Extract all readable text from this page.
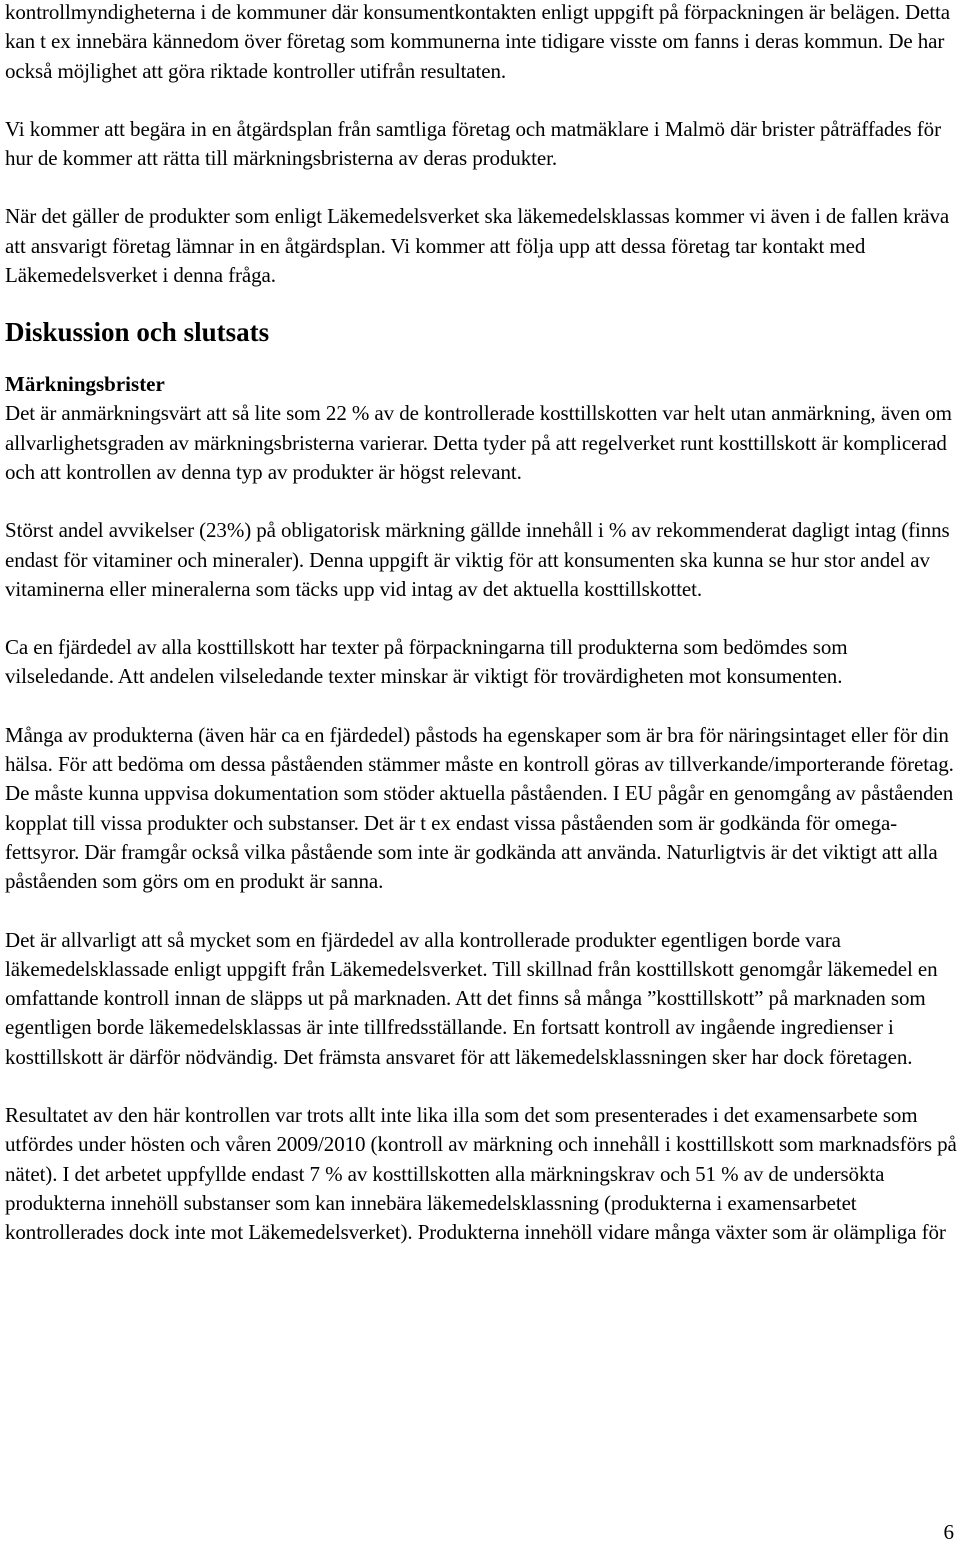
kontrollmyndigheterna i de kommuner där konsumentkontakten enligt uppgift på förpackningen är belägen. Detta kan t ex innebära kännedom över företag som kommunerna inte tidigare visste om fanns i deras kommun. De har också möjlighet att göra riktade kontroller utifrån resultaten.

Vi kommer att begära in en åtgärdsplan från samtliga företag och matmäklare i Malmö där brister påträffades för hur de kommer att rätta till märkningsbristerna av deras produkter.

När det gäller de produkter som enligt Läkemedelsverket ska läkemedelsklassas kommer vi även i de fallen kräva att ansvarigt företag lämnar in en åtgärdsplan. Vi kommer att följa upp att dessa företag tar kontakt med Läkemedelsverket i denna fråga.

Diskussion och slutsats
Märkningsbrister

Det är anmärkningsvärt att så lite som 22 % av de kontrollerade kosttillskotten var helt utan anmärkning, även om allvarlighetsgraden av märkningsbristerna varierar. Detta tyder på att regelverket runt kosttillskott är komplicerad och att kontrollen av denna typ av produkter är högst relevant.

Störst andel avvikelser (23%) på obligatorisk märkning gällde innehåll i % av rekommenderat dagligt intag (finns endast för vitaminer och mineraler). Denna uppgift är viktig för att konsumenten ska kunna se hur stor andel av vitaminerna eller mineralerna som täcks upp vid intag av det aktuella kosttillskottet.

Ca en fjärdedel av alla kosttillskott har texter på förpackningarna till produkterna som bedömdes som vilseledande. Att andelen vilseledande texter minskar är viktigt för trovärdigheten mot konsumenten.

Många av produkterna (även här ca en fjärdedel) påstods ha egenskaper som är bra för näringsintaget eller för din hälsa. För att bedöma om dessa påståenden stämmer måste en kontroll göras av tillverkande/importerande företag. De måste kunna uppvisa dokumentation som stöder aktuella påståenden. I EU pågår en genomgång av påståenden kopplat till vissa produkter och substanser. Det är t ex endast vissa påståenden som är godkända för omega-fettsyror. Där framgår också vilka påstående som inte är godkända att använda. Naturligtvis är det viktigt att alla påståenden som görs om en produkt är sanna.

Det är allvarligt att så mycket som en fjärdedel av alla kontrollerade produkter egentligen borde vara läkemedelsklassade enligt uppgift från Läkemedelsverket. Till skillnad från kosttillskott genomgår läkemedel en omfattande kontroll innan de släpps ut på marknaden. Att det finns så många ”kosttillskott” på marknaden som egentligen borde läkemedelsklassas är inte tillfredsställande. En fortsatt kontroll av ingående ingredienser i kosttillskott är därför nödvändig. Det främsta ansvaret för att läkemedelsklassningen sker har dock företagen.

Resultatet av den här kontrollen var trots allt inte lika illa som det som presenterades i det examensarbete som utfördes under hösten och våren 2009/2010 (kontroll av märkning och innehåll i kosttillskott som marknadsförs på nätet). I det arbetet uppfyllde endast 7 % av kosttillskotten alla märkningskrav och 51 % av de undersökta produkterna innehöll substanser som kan innebära läkemedelsklassning (produkterna i examensarbetet kontrollerades dock inte mot Läkemedelsverket). Produkterna innehöll vidare många växter som är olämpliga för

6
